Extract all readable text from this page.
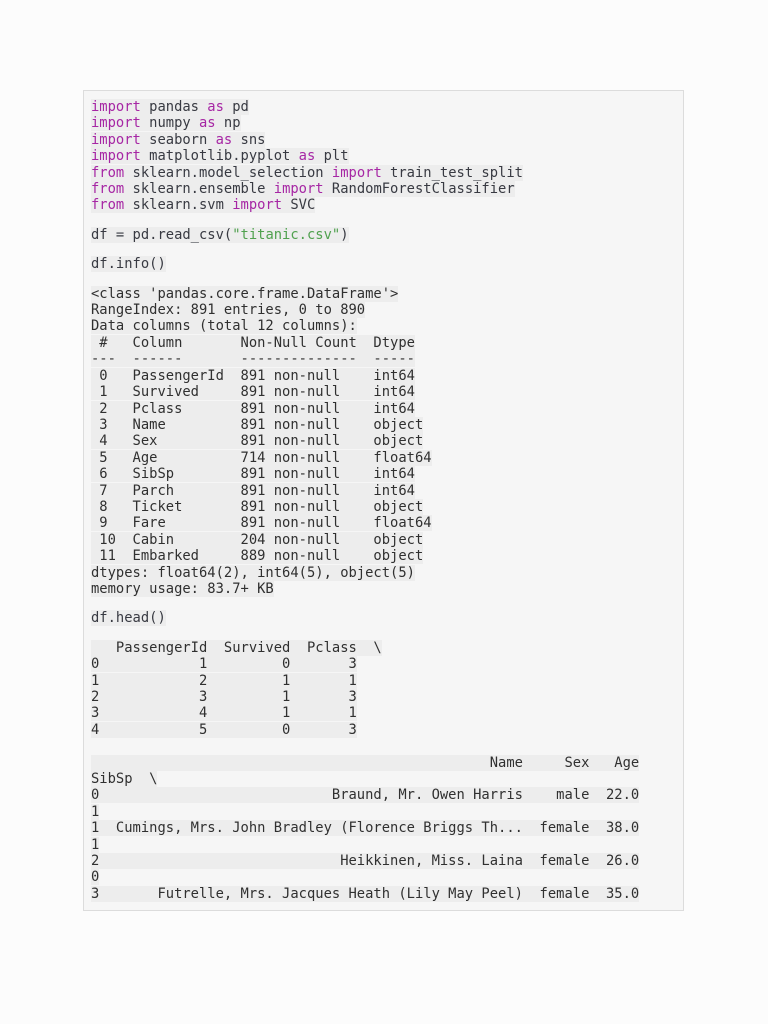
import pandas as pd
import numpy as np
import seaborn as sns
import matplotlib.pyplot as plt
from sklearn.model_selection import train_test_split
from sklearn.ensemble import RandomForestClassifier
from sklearn.svm import SVC
df = pd.read_csv("titanic.csv")
df.info()
<class 'pandas.core.frame.DataFrame'>
RangeIndex: 891 entries, 0 to 890
Data columns (total 12 columns):
#   Column       Non-Null Count  Dtype
---  ------       --------------  -----
0   PassengerId  891 non-null    int64
1   Survived     891 non-null    int64
2   Pclass       891 non-null    int64
3   Name         891 non-null    object
4   Sex          891 non-null    object
5   Age          714 non-null    float64
6   SibSp        891 non-null    int64
7   Parch        891 non-null    int64
8   Ticket       891 non-null    object
9   Fare         891 non-null    float64
10  Cabin        204 non-null    object
11  Embarked     889 non-null    object
dtypes: float64(2), int64(5), object(5)
memory usage: 83.7+ KB
df.head()
PassengerId  Survived  Pclass  \
0            1         0       3
1            2         1       1
2            3         1       3
3            4         1       1
4            5         0       3
Name     Sex   Age
SibSp  \
0                            Braund, Mr. Owen Harris    male  22.0
1
1  Cumings, Mrs. John Bradley (Florence Briggs Th...  female  38.0
1
2                             Heikkinen, Miss. Laina  female  26.0
0
3       Futrelle, Mrs. Jacques Heath (Lily May Peel)  female  35.0
